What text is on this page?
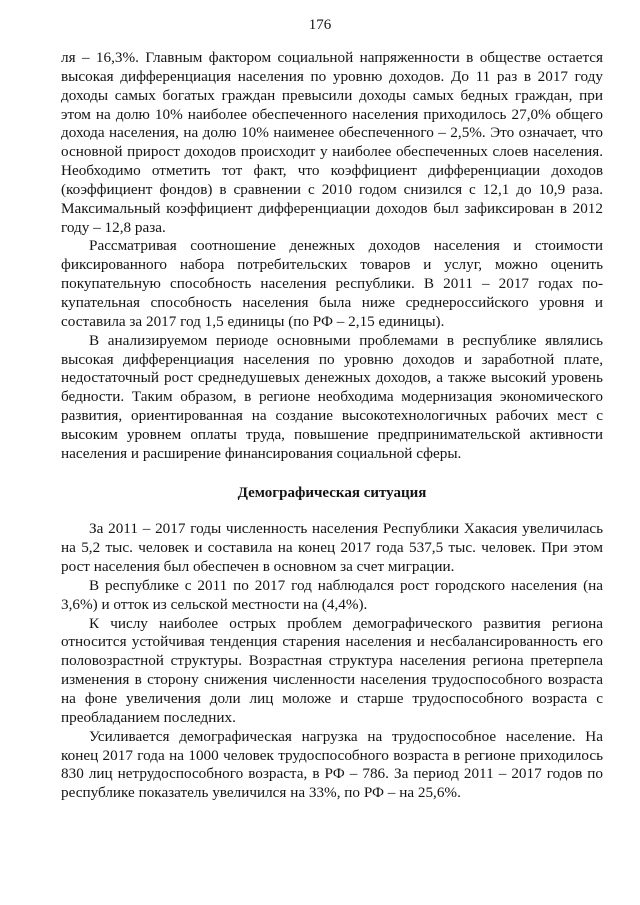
176

ля – 16,3%. Главным фактором социальной напряженности в обществе остается высокая дифференциация населения по уровню доходов. До 11 раз в 2017 году доходы самых богатых граждан превысили доходы самых бедных граждан, при этом на долю 10% наиболее обеспеченного населения приходилось 27,0% общего дохода населения, на долю 10% наименее обеспеченного – 2,5%. Это означает, что основной прирост доходов происходит у наиболее обеспеченных слоев населения. Необходимо отметить тот факт, что коэффициент дифференциации доходов (коэффициент фондов) в сравнении с 2010 годом снизился с 12,1 до 10,9 раза. Максимальный коэффициент дифференциации доходов был зафиксирован в 2012 году – 12,8 раза.

Рассматривая соотношение денежных доходов населения и стоимости фиксированного набора потребительских товаров и услуг, можно оценить покупательную способность населения республики. В 2011 – 2017 годах покупательная способность населения была ниже среднероссийского уровня и составила за 2017 год 1,5 единицы (по РФ – 2,15 единицы).

В анализируемом периоде основными проблемами в республике являлись высокая дифференциация населения по уровню доходов и заработной плате, недостаточный рост среднедушевых денежных доходов, а также высокий уровень бедности. Таким образом, в регионе необходима модернизация экономического развития, ориентированная на создание высокотехнологичных рабочих мест с высоким уровнем оплаты труда, повышение предпринимательской активности населения и расширение финансирования социальной сферы.

Демографическая ситуация

За 2011 – 2017 годы численность населения Республики Хакасия увеличилась на 5,2 тыс. человек и составила на конец 2017 года 537,5 тыс. человек. При этом рост населения был обеспечен в основном за счет миграции.

В республике с 2011 по 2017 год наблюдался рост городского населения (на 3,6%) и отток из сельской местности на (4,4%).

К числу наиболее острых проблем демографического развития региона относится устойчивая тенденция старения населения и несбалансированность его половозрастной структуры. Возрастная структура населения региона претерпела изменения в сторону снижения численности населения трудоспособного возраста на фоне увеличения доли лиц моложе и старше трудоспособного возраста с преобладанием последних.

Усиливается демографическая нагрузка на трудоспособное население. На конец 2017 года на 1000 человек трудоспособного возраста в регионе приходилось 830 лиц нетрудоспособного возраста, в РФ – 786. За период 2011 – 2017 годов по республике показатель увеличился на 33%, по РФ – на 25,6%.
